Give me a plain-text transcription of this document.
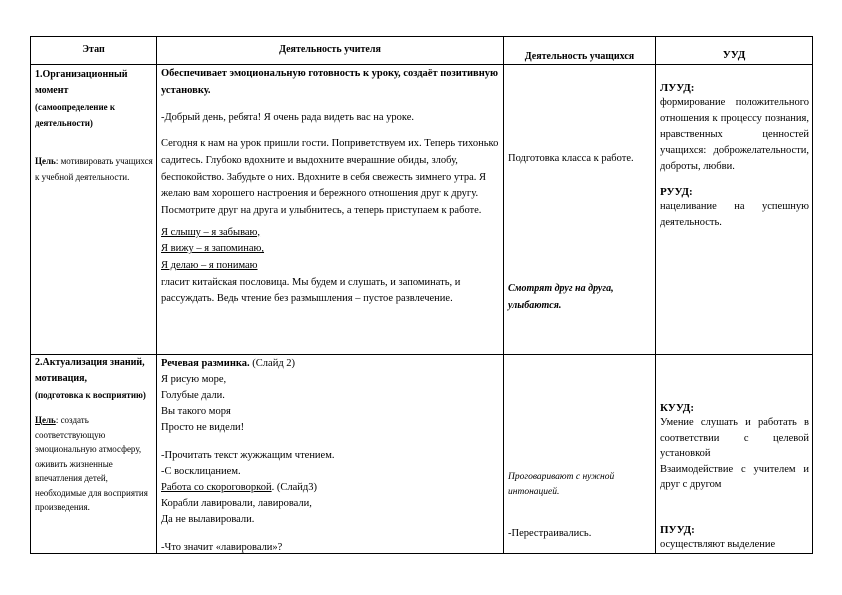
Этап	Деятельность учителя
Деятельность учащихся	УУД

1.Организационный момент

(самоопределение к деятельности)

Цель: мотивировать учащихся к учебной деятельности.

Обеспечивает эмоциональную готовность к уроку, создаёт позитивную установку.

-Добрый день, ребята! Я очень рада видеть вас на уроке.

Сегодня к нам на урок пришли гости. Поприветствуем их. Теперь тихонько садитесь. Глубоко вдохните и выдохните вчерашние обиды, злобу, беспокойство. Забудьте о них. Вдохните в себя свежесть зимнего утра. Я желаю вам хорошего настроения и бережного отношения друг к другу. Посмотрите друг на друга и улыбнитесь, а теперь приступаем к работе.

Я слышу – я забываю,

Я вижу – я запоминаю,

Я делаю – я понимаю

гласит китайская пословица. Мы будем и слушать, и запоминать, и рассуждать. Ведь чтение без размышления – пустое развлечение.

Подготовка класса к работе.
Смотрят друг на друга, улыбаются.

ЛУУД:

формирование положительного отношения к процессу познания, нравственных ценностей учащихся: доброжелательности, доброты, любви.

РУУД:

нацеливание на успешную деятельность.

2.Актуализация знаний, мотивация,

(подготовка к восприятию)

Цель: создать соответствующую эмоциональную атмосферу, оживить жизненные впечатления детей, необходимые для восприятия произведения.

Речевая разминка. (Слайд 2)

Я рисую море,

Голубые дали.

Вы такого моря

Просто не видели!

-Прочитать текст жужжащим чтением.

-С восклицанием.

Работа со скороговоркой. (Слайд3)

Корабли лавировали, лавировали,

Да не вылавировали.

-Что значит «лавировали»?

Проговаривают с нужной интонацией.
-Перестраивались.

КУУД:

Умение слушать и работать в соответствии с целевой установкой

Взаимодействие с учителем и друг с другом

ПУУД:

осуществляют выделение
